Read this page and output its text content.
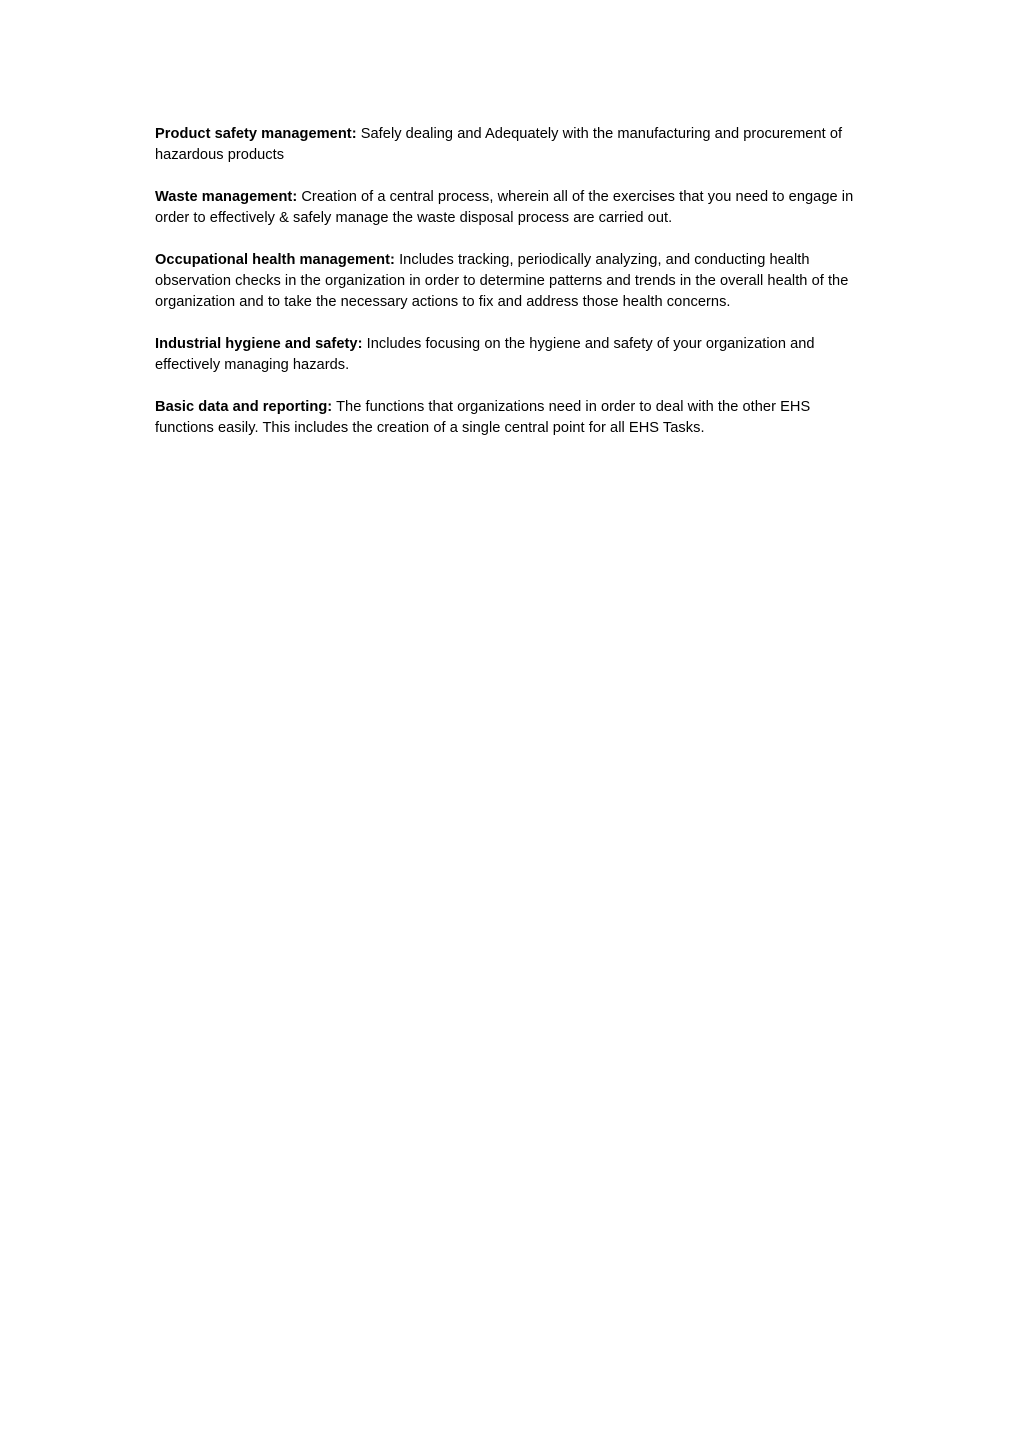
Product safety management: Safely dealing and Adequately with the manufacturing and procurement of hazardous products

Waste management: Creation of a central process, wherein all of the exercises that you need to engage in order to effectively & safely manage the waste disposal process are carried out.

Occupational health management: Includes tracking, periodically analyzing, and conducting health observation checks in the organization in order to determine patterns and trends in the overall health of the organization and to take the necessary actions to fix and address those health concerns.

Industrial hygiene and safety: Includes focusing on the hygiene and safety of your organization and effectively managing hazards.

Basic data and reporting: The functions that organizations need in order to deal with the other EHS functions easily. This includes the creation of a single central point for all EHS Tasks.
